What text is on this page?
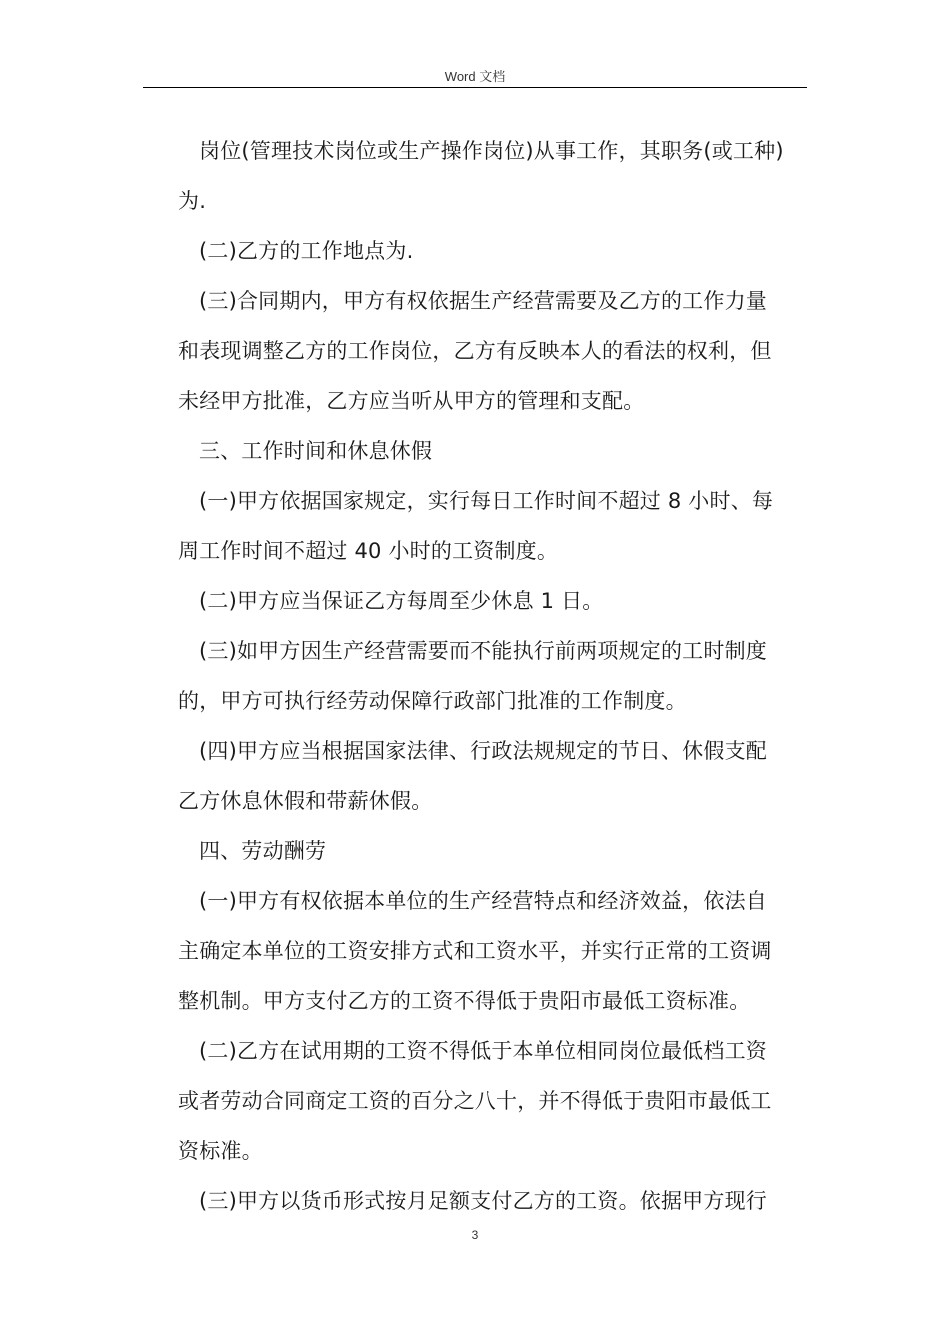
Word 文档
岗位(管理技术岗位或生产操作岗位)从事工作，其职务(或工种)
为.
(二)乙方的工作地点为.
(三)合同期内，甲方有权依据生产经营需要及乙方的工作力量
和表现调整乙方的工作岗位，乙方有反映本人的看法的权利，但
未经甲方批准，乙方应当听从甲方的管理和支配。
三、工作时间和休息休假
(一)甲方依据国家规定，实行每日工作时间不超过 8 小时、每
周工作时间不超过 40 小时的工资制度。
(二)甲方应当保证乙方每周至少休息 1 日。
(三)如甲方因生产经营需要而不能执行前两项规定的工时制度
的，甲方可执行经劳动保障行政部门批准的工作制度。
(四)甲方应当根据国家法律、行政法规规定的节日、休假支配
乙方休息休假和带薪休假。
四、劳动酬劳
(一)甲方有权依据本单位的生产经营特点和经济效益，依法自
主确定本单位的工资安排方式和工资水平，并实行正常的工资调
整机制。甲方支付乙方的工资不得低于贵阳市最低工资标准。
(二)乙方在试用期的工资不得低于本单位相同岗位最低档工资
或者劳动合同商定工资的百分之八十，并不得低于贵阳市最低工
资标准。
(三)甲方以货币形式按月足额支付乙方的工资。依据甲方现行
3
